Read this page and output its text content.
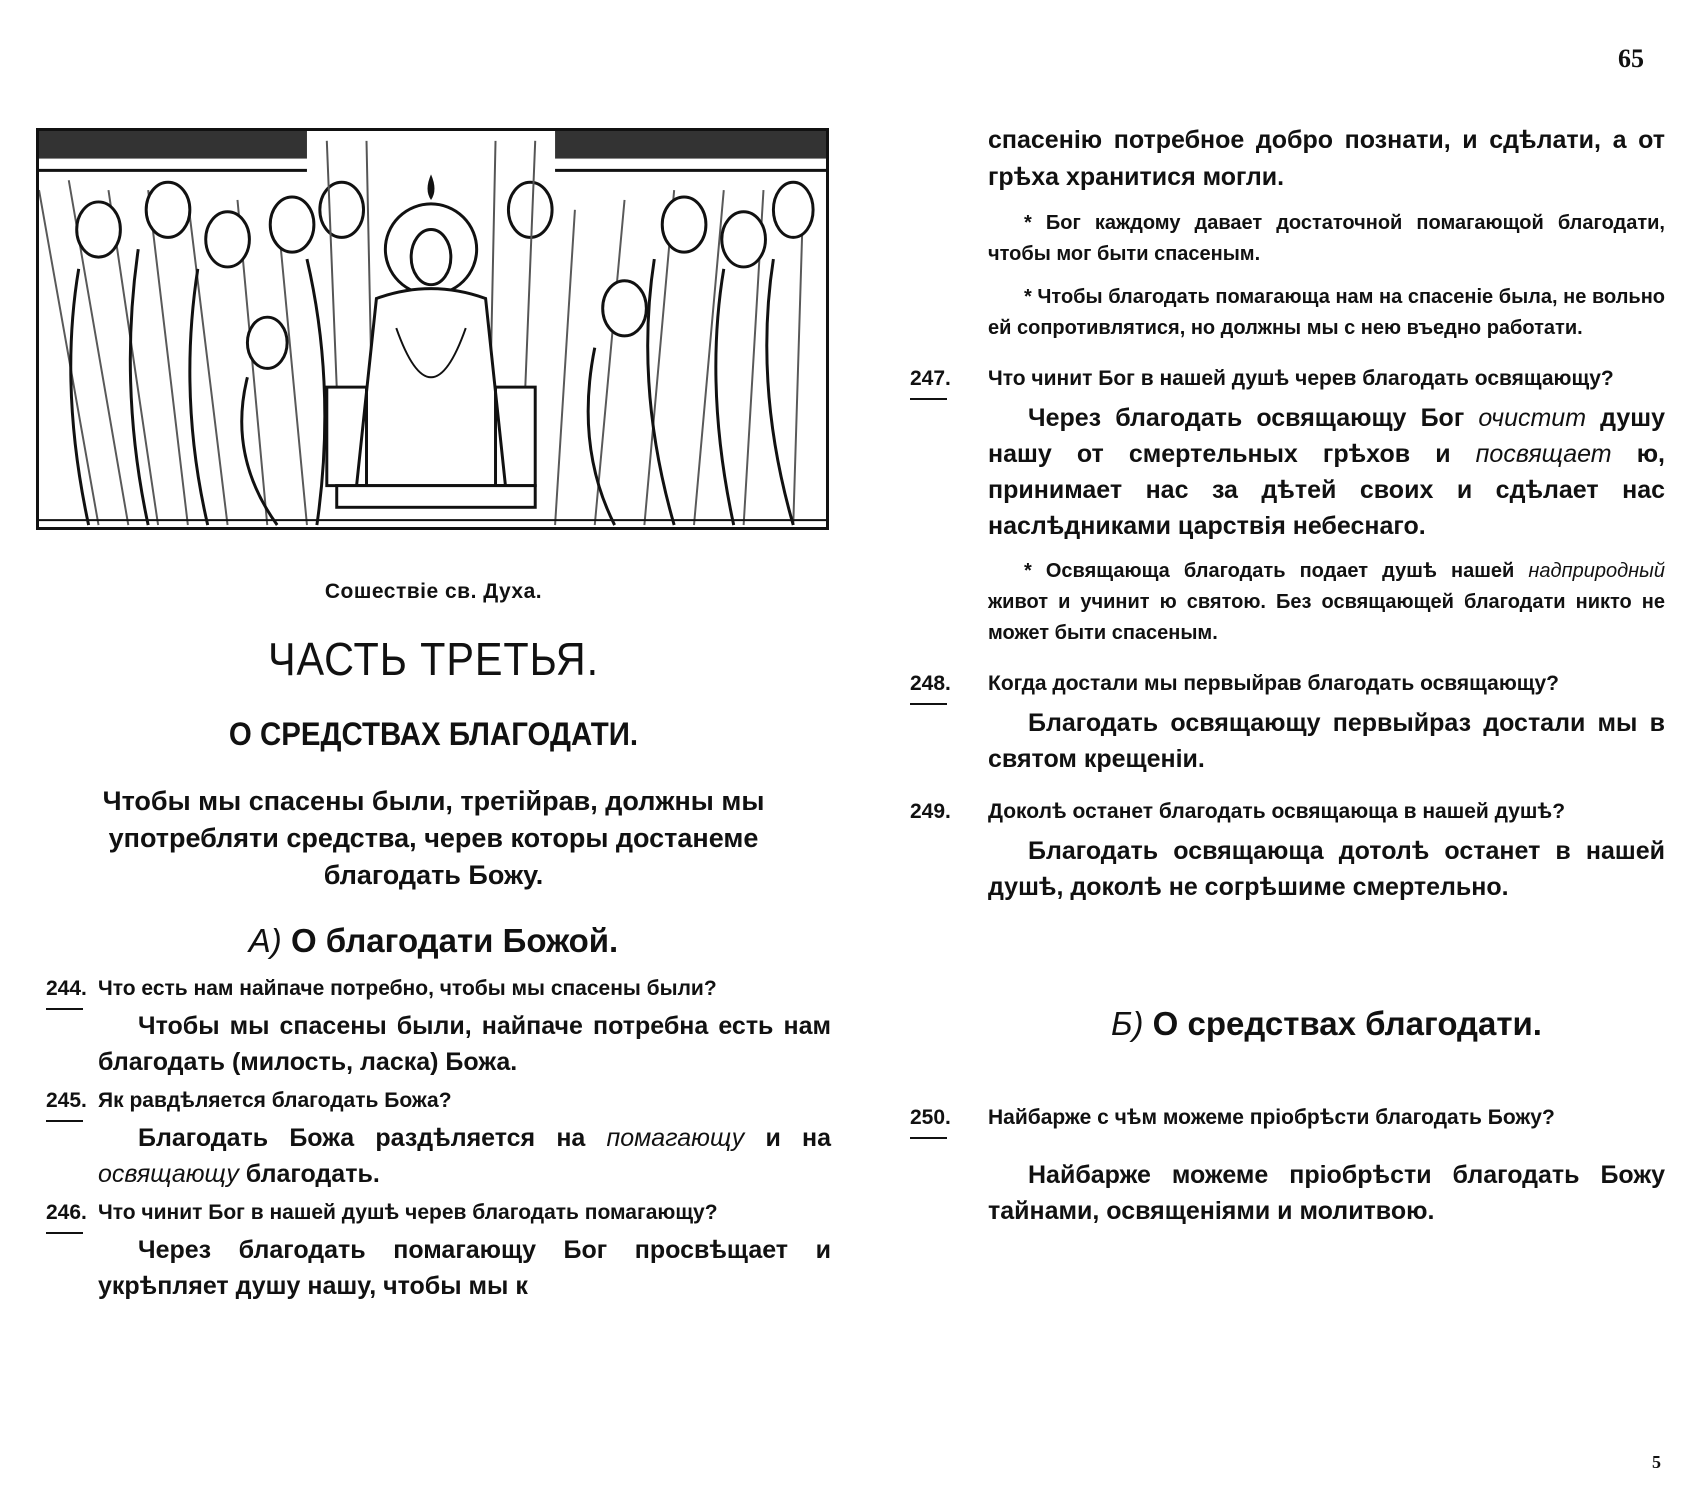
65
Сошествiе св. Духа.
ЧАСТЬ ТРЕТЬЯ.
О СРЕДСТВАХ БЛАГОДАТИ.
Чтобы мы спасены были, третiйрав, должны мы употребляти средства, черев которы достанеме благодать Божу.
А) О благодати Божой.
244. Что есть нам найпаче потребно, чтобы мы спасены были?
Чтобы мы спасены были, найпаче потребна есть нам благодать (милость, ласка) Божа.
245. Як равдѣляется благодать Божа?
Благодать Божа раздѣляется на помагающу и на освящающу благодать.
246. Что чинит Бог в нашей душѣ черев благодать помагающу?
Через благодать помагающу Бог просвѣщает и укрѣпляет душу нашу, чтобы мы к
спасенiю потребное добро познати, и сдѣлати, а от грѣха хранитися могли.
* Бог каждому давает достаточной помагающой благодати, чтобы мог быти спасеным.
* Чтобы благодать помагающа нам на спасенiе была, не вольно ей сопротивлятися, но должны мы с нею въедно работати.
247. Что чинит Бог в нашей душѣ черев благодать освящающу?
Через благодать освящающу Бог очистит душу нашу от смертельных грѣхов и посвящает ю, принимает нас за дѣтей своих и сдѣлает нас наслѣдниками царствiя небеснаго.
* Освящающа благодать подает душѣ нашей надприродный живот и учинит ю святою. Без освящающей благодати никто не может быти спасеным.
248. Когда достали мы первыйрав благодать освящающу?
Благодать освящающу первыйраз достали мы в святом крещенiи.
249. Доколѣ останет благодать освящающа в нашей душѣ?
Благодать освящающа дотолѣ останет в нашей душѣ, доколѣ не согрѣшиме смертельно.
Б) О средствах благодати.
250. Найбарже с чѣм можеме прiобрѣсти благодать Божу?
Найбарже можеме прiобрѣсти благодать Божу тайнами, освященiями и молитвою.
5
